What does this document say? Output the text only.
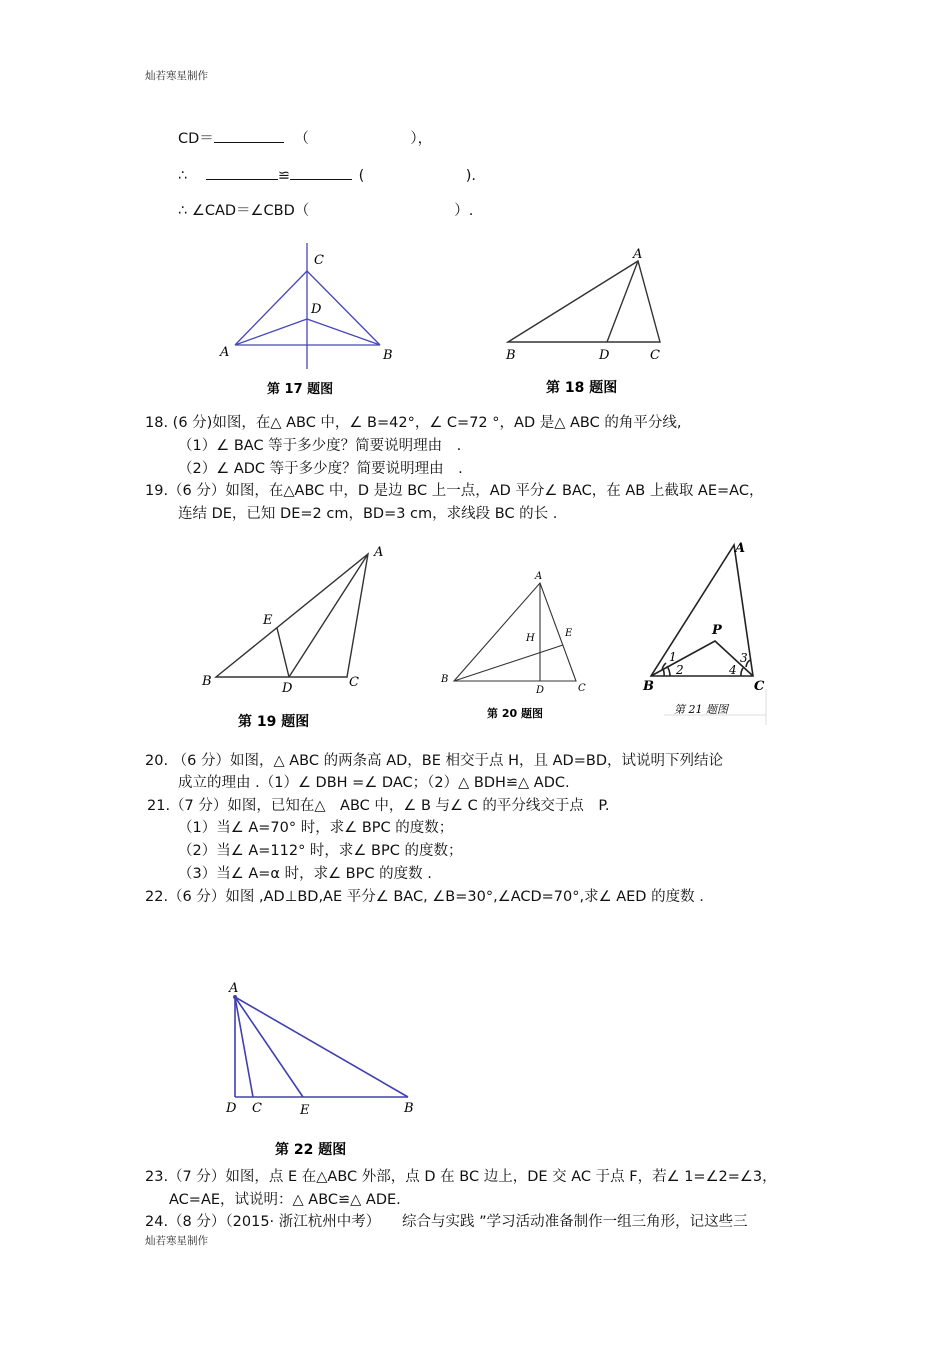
灿若寒星制作
CD＝	（　　　　　　　），
∴	≌	(　　　　　　　).
∴ ∠CAD＝∠CBD（　　　　　　　　　　）.
C
D
A	B
第 17 题图
A
B	D	C
第 18 题图
18. (6 分)如图，在△ ABC 中，∠ B=42°，∠ C=72 °，AD 是△ ABC 的角平分线,
（1）∠ BAC 等于多少度？简要说明理由　.
（2）∠ ADC 等于多少度？简要说明理由　.
19.（6 分）如图，在△ABC 中，D 是边 BC 上一点，AD 平分∠ BAC，在 AB 上截取 AE=AC，
连结 DE，已知 DE=2 cm，BD=3 cm，求线段 BC 的长 .
A
E
B	D	C
第 19 题图
A
H	E
B
D	C
第 20 题图
A
P
1
2
3
4
B	C
第 21 题图
20. （6 分）如图，△ ABC 的两条高 AD，BE 相交于点 H，且 AD=BD，试说明下列结论
成立的理由 .（1）∠ DBH =∠ DAC；（2）△ BDH≌△ ADC.
21.（7 分）如图，已知在△　ABC 中，∠ B 与∠ C 的平分线交于点　P.
（1）当∠ A=70° 时，求∠ BPC 的度数；
（2）当∠ A=112° 时，求∠ BPC 的度数；
（3）当∠ A=α 时，求∠ BPC 的度数 .
22.（6 分）如图 ,AD⊥BD,AE 平分∠ BAC, ∠B=30°,∠ACD=70°,求∠ AED 的度数 .
A
D C	E	B
第 22 题图
23.（7 分）如图，点 E 在△ABC 外部，点 D 在 BC 边上，DE 交 AC 于点 F，若∠ 1=∠2=∠3，
AC=AE，试说明：△ ABC≌△ ADE.
24.（8 分）（2015· 浙江杭州中考）　　综合与实践 ”学习活动准备制作一组三角形，记这些三
灿若寒星制作
